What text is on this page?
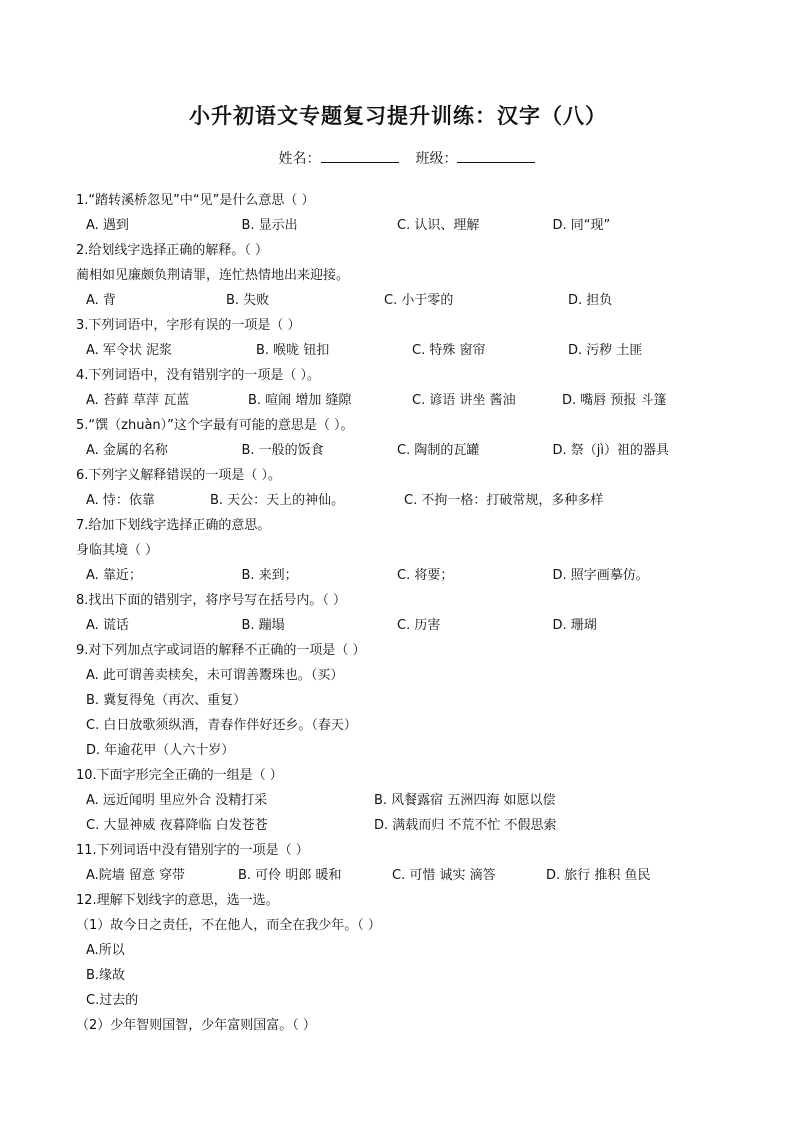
小升初语文专题复习提升训练：汉字（八）
姓名：	班级：
1.“踏转溪桥忽见”中“见”是什么意思（ ）
A. 遇到	B. 显示出	C. 认识、理解	D. 同“现”
2.给划线字选择正确的解释。（ ）
蔺相如见廉颇负荆请罪，连忙热情地出来迎接。
A. 背	B. 失败	C. 小于零的	D. 担负
3.下列词语中，字形有误的一项是（ ）
A. 军令状 泥浆	B. 喉咙 钮扣	C. 特殊 窗帘	D. 污秽 土匪
4.下列词语中，没有错别字的一项是（ ）。
A. 苔藓 草萍 瓦蓝	B. 喧闹 增加 缝隙	C. 谚语 讲坐 酱油	D. 嘴唇 预报 斗篷
5.“馔（zhuàn）”这个字最有可能的意思是（ ）。
A. 金属的名称	B. 一般的饭食	C. 陶制的瓦罐	D. 祭（jì）祖的器具
6.下列字义解释错误的一项是（ ）。
A. 恃：依靠	B. 天公：天上的神仙。	C. 不拘一格：打破常规，多种多样
7.给加下划线字选择正确的意思。
身临其境（ ）
A. 靠近；	B. 来到；	C. 将要；	D. 照字画摹仿。
8.找出下面的错别字，将序号写在括号内。（ ）
A. 谎话	B. 蹦塌	C. 历害	D. 珊瑚
9.对下列加点字或词语的解释不正确的一项是（ ）
A. 此可谓善卖椟矣，未可谓善鬻珠也。（买）
B. 冀复得兔（再次、重复）
C. 白日放歌须纵酒，青春作伴好还乡。（春天）
D. 年逾花甲（人六十岁）
10.下面字形完全正确的一组是（ ）
A. 远近闻明 里应外合 没精打采	B. 风餐露宿 五洲四海 如愿以偿
C. 大显神威 夜暮降临 白发苍苍	D. 满载而归 不荒不忙 不假思索
11.下列词语中没有错别字的一项是（ ）
A.院墙 留意 穿带	B. 可伶 明郎 暖和	C. 可惜 诚实 滴答	D. 旅行 推积 鱼民
12.理解下划线字的意思，选一选。
（1）故今日之责任，不在他人，而全在我少年。（ ）
A.所以
B.缘故
C.过去的
（2）少年智则国智，少年富则国富。（ ）
